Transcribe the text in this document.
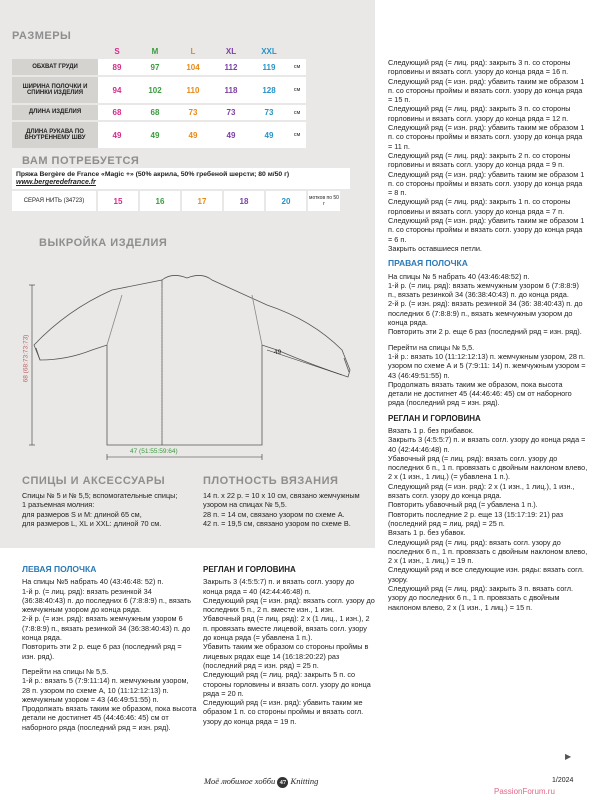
РАЗМЕРЫ
	S	M	L	XL	XXL	
ОБХВАТ ГРУДИ	89	97	104	112	119	см
ШИРИНА ПОЛОЧКИ И СПИНКИ ИЗДЕЛИЯ	94	102	110	118	128	см
ДЛИНА ИЗДЕЛИЯ	68	68	73	73	73	см
ДЛИНА РУКАВА ПО ВНУТРЕННЕМУ ШВУ	49	49	49	49	49	см
ВАМ ПОТРЕБУЕТСЯ
Пряжа Bergère de France «Magic +» (50% акрила, 50% гребеной шерсти; 80 м/50 г)
www.bergeredefrance.fr
СЕРАЯ НИТЬ (34723)	15	16	17	18	20	мотков по 50 г
ВЫКРОЙКА ИЗДЕЛИЯ
49
68 (68:73:73:73)
47 (51:55:59:64)
СПИЦЫ И АКСЕССУАРЫ

Спицы № 5 и № 5,5; вспомогательные спицы;

1 разъемная молния:

для размеров S и M: длиной 65 см,

для размеров L, XL и XXL: длиной 70 см.

ПЛОТНОСТЬ ВЯЗАНИЯ

14 п. x 22 р. = 10 x 10 см, связано жемчужным узором на спицах № 5,5.

28 п. = 14 см, связано узором по схеме А.

42 п. = 19,5 см, связано узором по схеме В.

ЛЕВАЯ ПОЛОЧКА

На спицы №5 набрать 40 (43:46:48: 52) п.

1-й р. (= лиц. ряд): вязать резинкой 34 (36:38:40:43) п. до последних 6 (7:8:8:9) п., вязать жемчужным узором до конца ряда.

2-й р. (= изн. ряд): вязать жемчужным узором 6 (7:8:8:9) п., вязать резинкой 34 (36:38:40:43) п. до конца ряда.

Повторить эти 2 р. еще 6 раз (последний ряд = изн. ряд).

Перейти на спицы № 5,5.

1-й р.: вязать 5 (7:9:11:14) п. жемчужным узором, 28 п. узором по схеме А, 10 (11:12:12:13) п. жемчужным узором = 43 (46:49:51:55) п.

Продолжать вязать таким же образом, пока высота детали не достигнет 45 (44:46:46: 45) см от наборного ряда (последний ряд = изн. ряд).

РЕГЛАН И ГОРЛОВИНА

Закрыть 3 (4:5:5:7) п. и вязать согл. узору до конца ряда = 40 (42:44:46:48) п.

Следующий ряд (= изн. ряд): вязать согл. узору до последних 5 п., 2 п. вместе изн., 1 изн.

Убавочный ряд (= лиц. ряд): 2 х (1 лиц., 1 изн.), 2 п. провязать вместе лицевой, вязать согл. узору до конца ряда (= убавлена 1 п.).

Убавить таким же образом со стороны проймы в лицевых рядах еще 14 (16:18:20:22) раз (последний ряд = изн. ряд) = 25 п.

Следующий ряд (= лиц. ряд): закрыть 5 п. со стороны горловины и вязать согл. узору до конца ряда = 20 п.

Следующий ряд (= изн. ряд): убавить таким же образом 1 п. со стороны проймы и вязать согл. узору до конца ряда = 19 п.

Следующий ряд (= лиц. ряд): закрыть 3 п. со стороны горловины и вязать согл. узору до конца ряда = 16 п.

Следующий ряд (= изн. ряд): убавить таким же образом 1 п. со стороны проймы и вязать согл. узору до конца ряда = 15 п.

Следующий ряд (= лиц. ряд): закрыть 3 п. со стороны горловины и вязать согл. узору до конца ряда = 12 п.

Следующий ряд (= изн. ряд): убавить таким же образом 1 п. со стороны проймы и вязать согл. узору до конца ряда = 11 п.

Следующий ряд (= лиц. ряд): закрыть 2 п. со стороны горловины и вязать согл. узору до конца ряда = 9 п.

Следующий ряд (= изн. ряд): убавить таким же образом 1 п. со стороны проймы и вязать согл. узору до конца ряда = 8 п.

Следующий ряд (= лиц. ряд): закрыть 1 п. со стороны горловины и вязать согл. узору до конца ряда = 7 п.

Следующий ряд (= изн. ряд): убавить таким же образом 1 п. со стороны проймы и вязать согл. узору до конца ряда = 6 п.

Закрыть оставшиеся петли.

ПРАВАЯ ПОЛОЧКА

На спицы № 5 набрать 40 (43:46:48:52) п.

1-й р. (= лиц. ряд): вязать жемчужным узором 6 (7:8:8:9) п., вязать резинкой 34 (36:38:40:43) п. до конца ряда.

2-й р. (= изн. ряд): вязать резинкой 34 (36: 38:40:43) п. до последних 6 (7:8:8:9) п., вязать жемчужным узором до конца ряда.

Повторить эти 2 р. еще 6 раз (последний ряд = изн. ряд).

Перейти на спицы № 5,5.

1-й р.: вязать 10 (11:12:12:13) п. жемчужным узором, 28 п. узором по схеме А и 5 (7:9:11: 14) п. жемчужным узором = 43 (46:49:51:55) п.

Продолжать вязать таким же образом, пока высота детали не достигнет 45 (44:46:46: 45) см от наборного ряда (последний ряд = изн. ряд).

РЕГЛАН И ГОРЛОВИНА

Вязать 1 р. без прибавок.

Закрыть 3 (4:5:5:7) п. и вязать согл. узору до конца ряда = 40 (42:44:46:48) п.

Убавочный ряд (= лиц. ряд): вязать согл. узору до последних 6 п., 1 п. провязать с двойным наклоном влево, 2 х (1 изн., 1 лиц.) (= убавлена 1 п.).

Следующий ряд (= изн. ряд): 2 х (1 изн., 1 лиц.), 1 изн., вязать согл. узору до конца ряда.

Повторить убавочный ряд (= убавлена 1 п.).

Повторить последние 2 р. еще 13 (15:17:19: 21) раз (последний ряд = лиц. ряд) = 25 п.

Вязать 1 р. без убавок.

Следующий ряд (= лиц. ряд): вязать согл. узору до последних 6 п., 1 п. провязать с двойным наклоном влево, 2 х (1 изн., 1 лиц.) = 19 п.

Следующий ряд и все следующие изн. ряды: вязать согл. узору.

Следующий ряд (= лиц. ряд): закрыть 3 п. вязать согл. узору до последних 6 п., 1 п. провязать с двойным наклоном влево, 2 х (1 изн., 1 лиц.) = 15 п.

▶
Моё любимое хобби 47 Knitting	1/2024
PassionForum.ru
